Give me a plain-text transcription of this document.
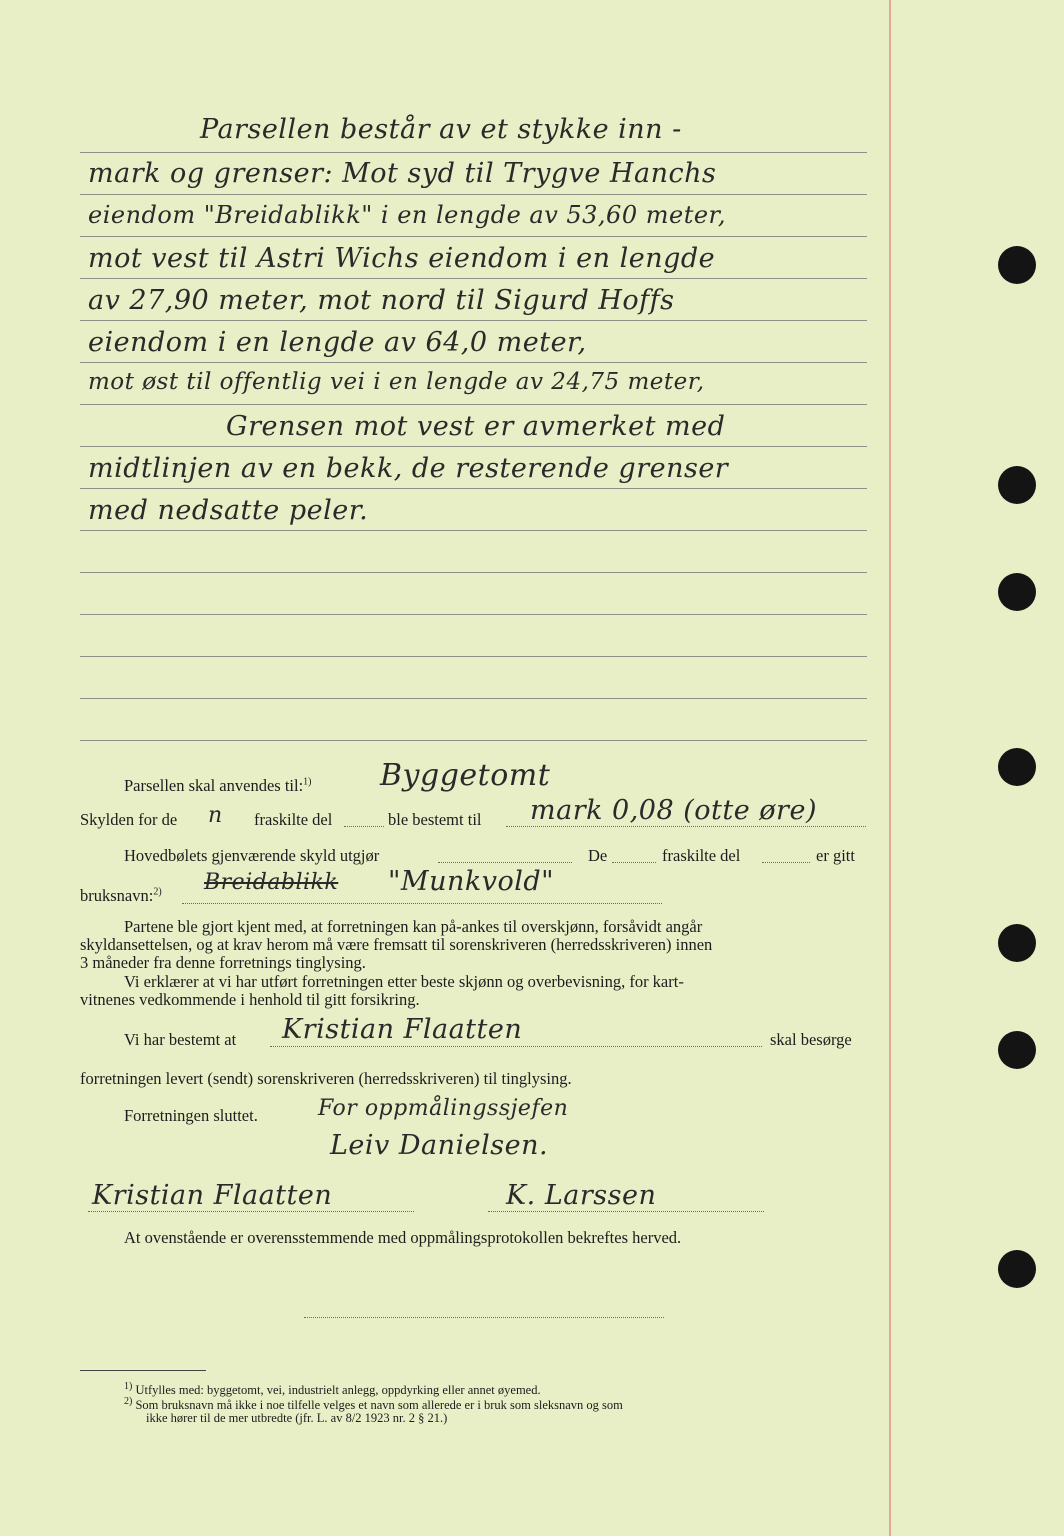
Parsellen består av et stykke inn -
mark og grenser: Mot syd til Trygve Hanchs
eiendom "Breidablikk" i en lengde av 53,60 meter,
mot vest til Astri Wichs eiendom i en lengde
av 27,90 meter, mot nord til Sigurd Hoffs
eiendom i en lengde av 64,0 meter,
mot øst til offentlig vei i en lengde av 24,75 meter,
Grensen mot vest er avmerket med
midtlinjen av en bekk, de resterende grenser
med nedsatte peler.
Parsellen skal anvendes til:$^{1)}$ Byggetomt
Skylden for de n fraskilte del	ble bestemt til mark 0,08 (otte øre)
Hovedbølets gjenværende skyld utgjør	De	fraskilte del	er gitt
bruksnavn:$^{2)}$ Breidablikk "Munkvold"
Partene ble gjort kjent med, at forretningen kan på-ankes til overskjønn, forsåvidt angår
skyldansettelsen, og at krav herom må være fremsatt til sorenskriveren (herredsskriveren) innen
3 måneder fra denne forretnings tinglysing.
Vi erklærer at vi har utført forretningen etter beste skjønn og overbevisning, for kart-
vitnenes vedkommende i henhold til gitt forsikring.
Vi har bestemt at Kristian Flaatten	skal besørge
forretningen levert (sendt) sorenskriveren (herredsskriveren) til tinglysing.
Forretningen sluttet.	For oppmålingssjefen
Leiv Danielsen.
Kristian Flaatten	K. Larssen
At ovenstående er overensstemmende med oppmålingsprotokollen bekreftes herved.
$^{1)}$ Utfylles med: byggetomt, vei, industrielt anlegg, oppdyrking eller annet øyemed.
$^{2)}$ Som bruksnavn må ikke i noe tilfelle velges et navn som allerede er i bruk som sleksnavn og som
ikke hører til de mer utbredte (jfr. L. av 8/2 1923 nr. 2 § 21.)
